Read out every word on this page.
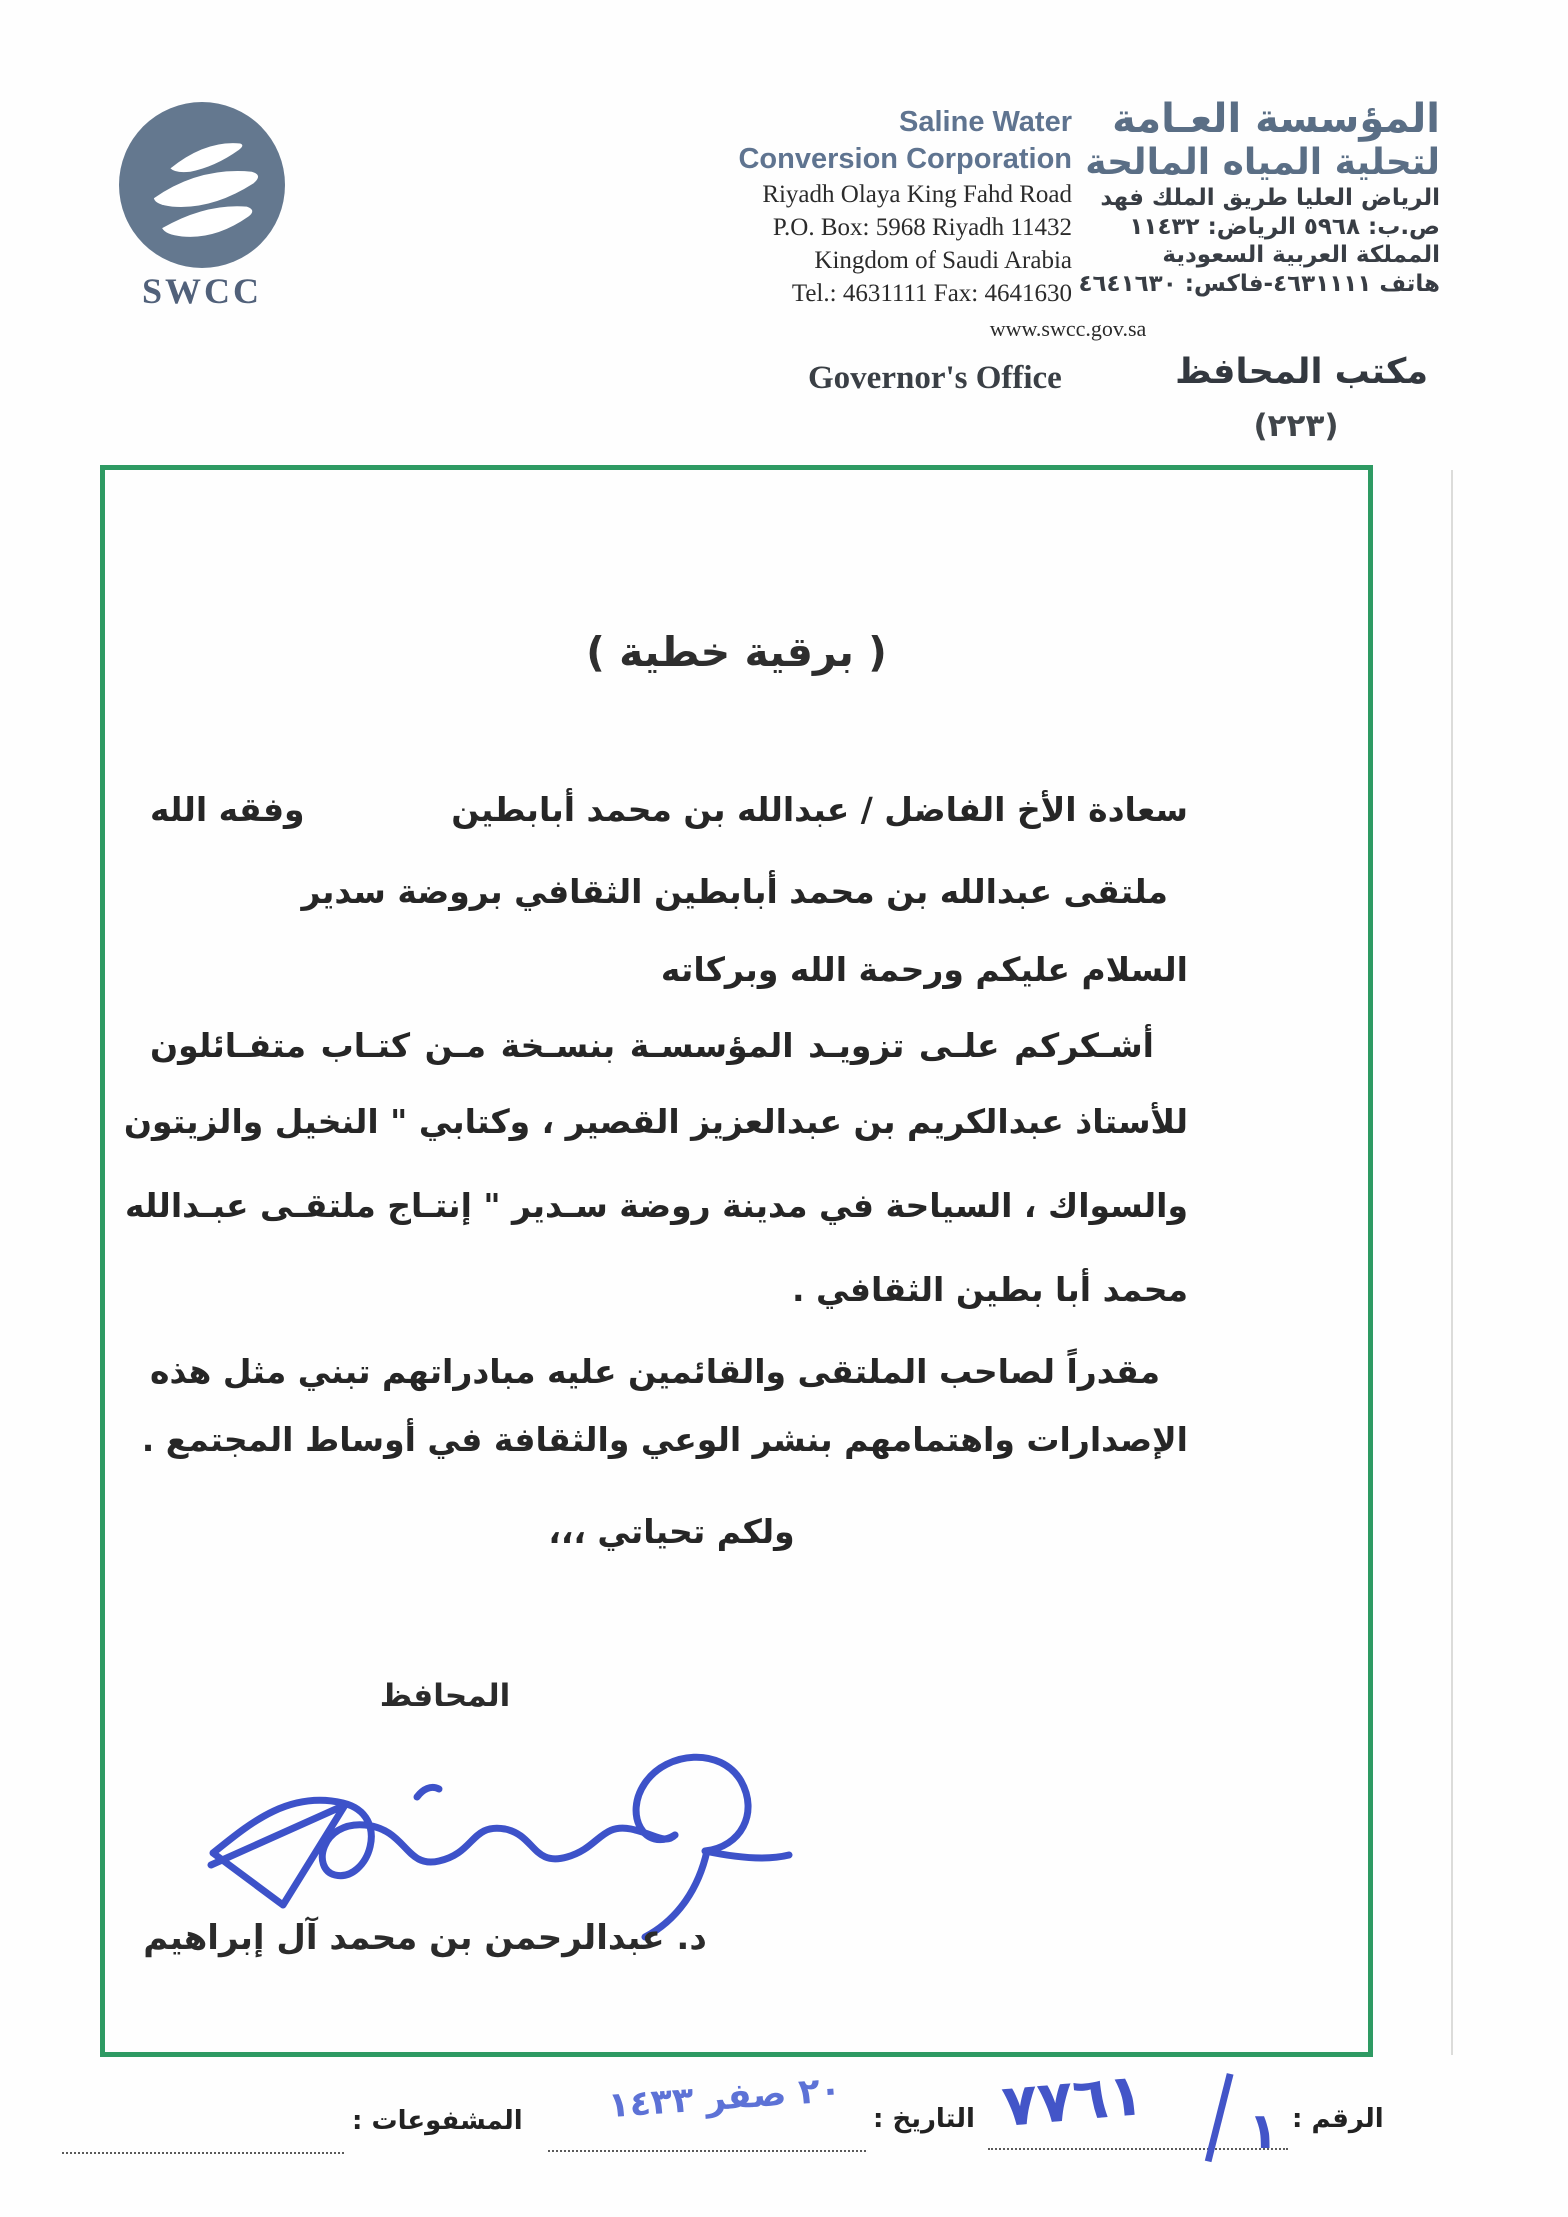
SWCC
Saline Water
Conversion Corporation
Riyadh Olaya King Fahd Road
P.O. Box: 5968 Riyadh 11432
Kingdom of Saudi Arabia
Tel.: 4631111 Fax: 4641630
www.swcc.gov.sa
المؤسسة العـامة
لتحلية المياه المالحة
الرياض العليا طريق الملك فهد
ص.ب: ٥٩٦٨ الرياض: ١١٤٣٢
المملكة العربية السعودية
هاتف ٤٦٣١١١١-فاكس: ٤٦٤١٦٣٠
Governor's Office	مكتب المحافظ
(٢٢٣)
( برقية خطية )
سعادة الأخ الفاضل / عبدالله بن محمد أبابطين
وفقه الله
ملتقى عبدالله بن محمد أبابطين الثقافي بروضة سدير
السلام عليكم ورحمة الله وبركاته
أشـكركم علـى تزويـد المؤسسـة بنسـخة مـن كتـاب متفـائلون
للأستاذ عبدالكريم بن عبدالعزيز القصير ، وكتابي " النخيل والزيتون
والسواك ، السياحة في مدينة روضة سـدير " إنتـاج ملتقـى عبـدالله
محمد أبا بطين الثقافي .
مقدراً لصاحب الملتقى والقائمين عليه مبادراتهم تبني مثل هذه
الإصدارات واهتمامهم بنشر الوعي والثقافة في أوساط المجتمع .
ولكم تحياتي ،،،
المحافظ
د. عبدالرحمن بن محمد آل إبراهيم
الرقم :
٧٧٦١ / ١
التاريخ :
٢٠ صفر ١٤٣٣
المشفوعات :
